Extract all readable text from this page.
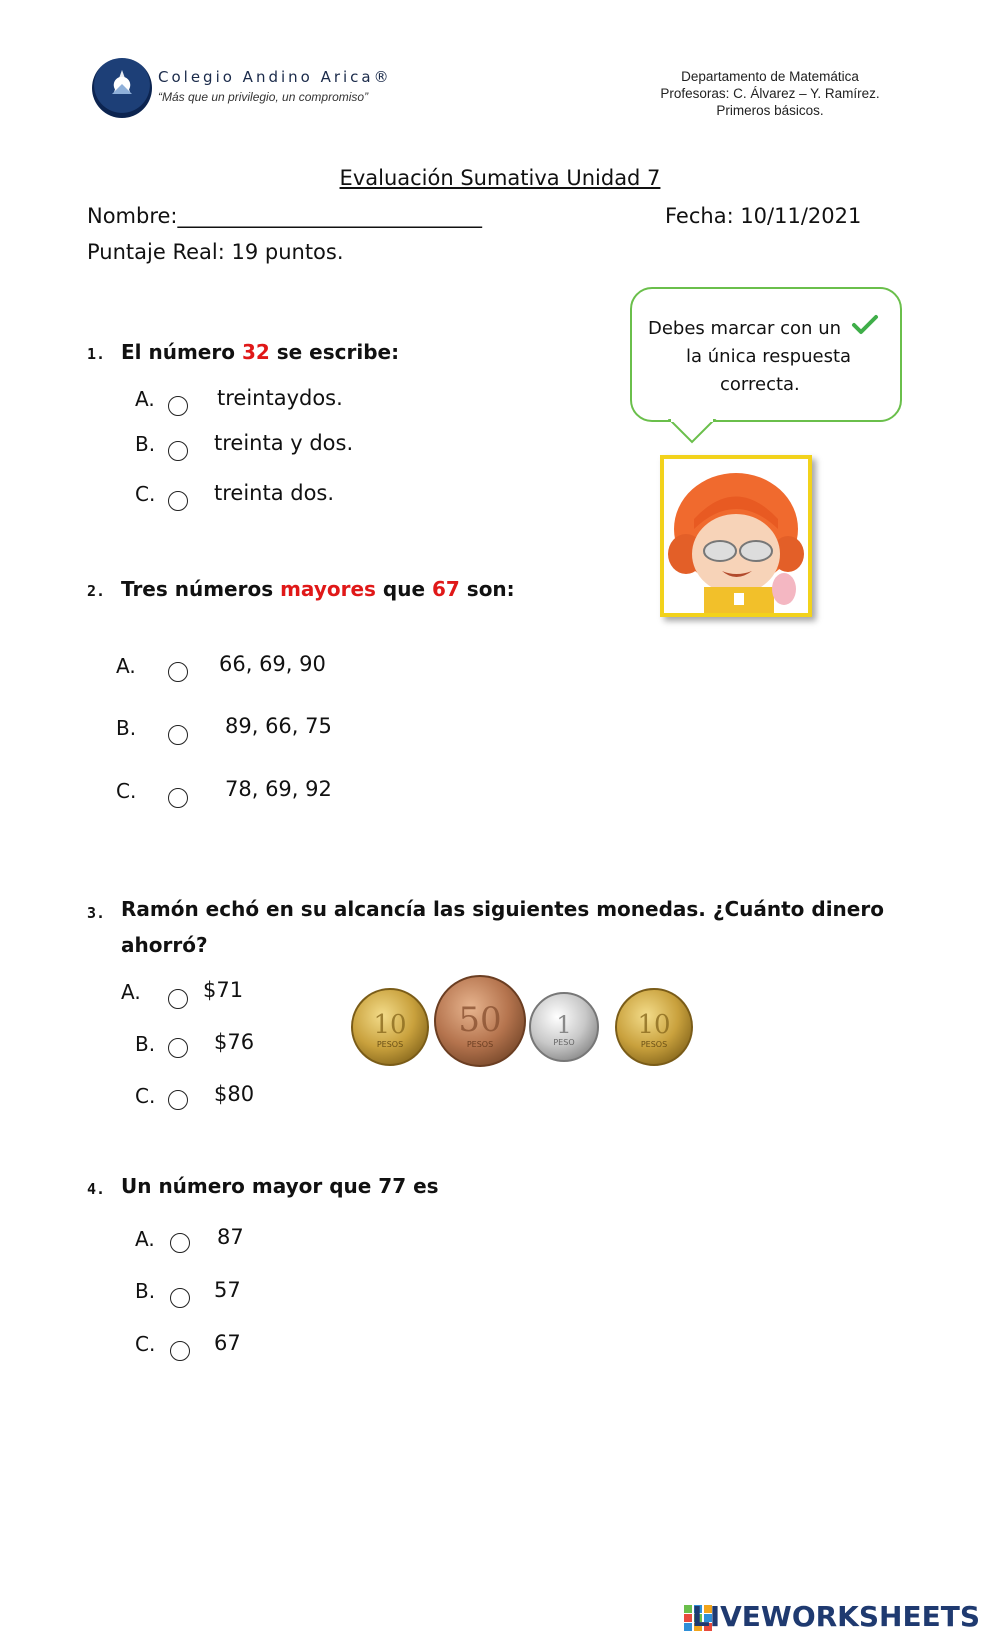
Colegio Andino Arica®
“Más que un privilegio, un compromiso”
Departamento de Matemática
Profesoras: C. Álvarez – Y. Ramírez.
Primeros básicos.
Evaluación Sumativa Unidad 7
Nombre:_____________________________	Fecha: 10/11/2021
Puntaje Real: 19 puntos.
Debes marcar con un
la única respuesta
correcta.
1. El número 32 se escribe:
A.	treintaydos.
B.	treinta y dos.
C.	treinta dos.
2. Tres números mayores que 67 son:
A.	66, 69, 90
B.	89, 66, 75
C.	78, 69, 92
3. Ramón echó en su alcancía las siguientes monedas. ¿Cuánto dinero
ahorró?
A.	$71
B.	$76
C.	$80
10
PESOS
50
PESOS
1
PESO
10
PESOS
4. Un número mayor que 77 es
A.	87
B.	57
C.	67
LIVEWORKSHEETS
